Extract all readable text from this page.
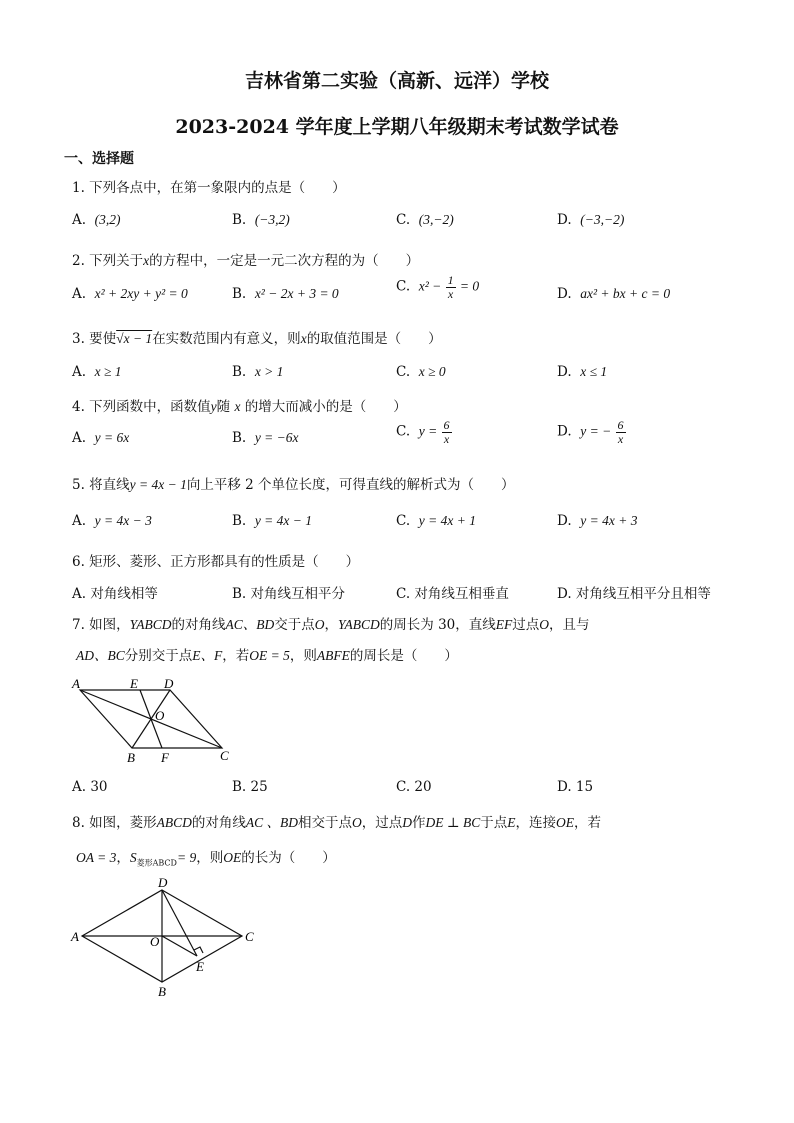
吉林省第二实验（高新、远洋）学校
2023-2024 学年度上学期八年级期末考试数学试卷
一、选择题
1. 下列各点中，在第一象限内的点是（　　）
A. (3,2)	B. (−3,2)	C. (3,−2)	D. (−3,−2)
2. 下列关于x的方程中，一定是一元二次方程的为（　　）
A. x² + 2xy + y² = 0	B. x² − 2x + 3 = 0	C. $x^2 - \frac{1}{x} = 0$	D. ax² + bx + c = 0
3. 要使√x − 1在实数范围内有意义，则x的取值范围是（　　）
A. x ≥ 1	B. x > 1	C. x ≥ 0	D. x ≤ 1
4. 下列函数中，函数值y随 x 的增大而减小的是（　　）
A. y = 6x	B. y = −6x	C. $y = \frac{6}{x}$	D. y = − $\frac{6}{x}$
5. 将直线y = 4x − 1向上平移 2 个单位长度，可得直线的解析式为（　　）
A. y = 4x − 3	B. y = 4x − 1	C. y = 4x + 1	D. y = 4x + 3
6. 矩形、菱形、正方形都具有的性质是（　　）
A. 对角线相等	B. 对角线互相平分	C. 对角线互相垂直	D. 对角线互相平分且相等
7. 如图，YABCD的对角线AC、BD交于点O，YABCD的周长为 30，直线EF过点O，且与
AD、BC分别交于点E、F，若OE = 5，则ABFE的周长是（　　）
A	E D
O
B F	C
A. 30	B. 25	C. 20	D. 15
8. 如图，菱形ABCD的对角线AC 、BD相交于点O，过点D作DE ⊥ BC于点E，连接OE，若
OA = 3，$S_{菱形ABCD}= 9$，则OE的长为（　　）
D
A	O	C
E
B
